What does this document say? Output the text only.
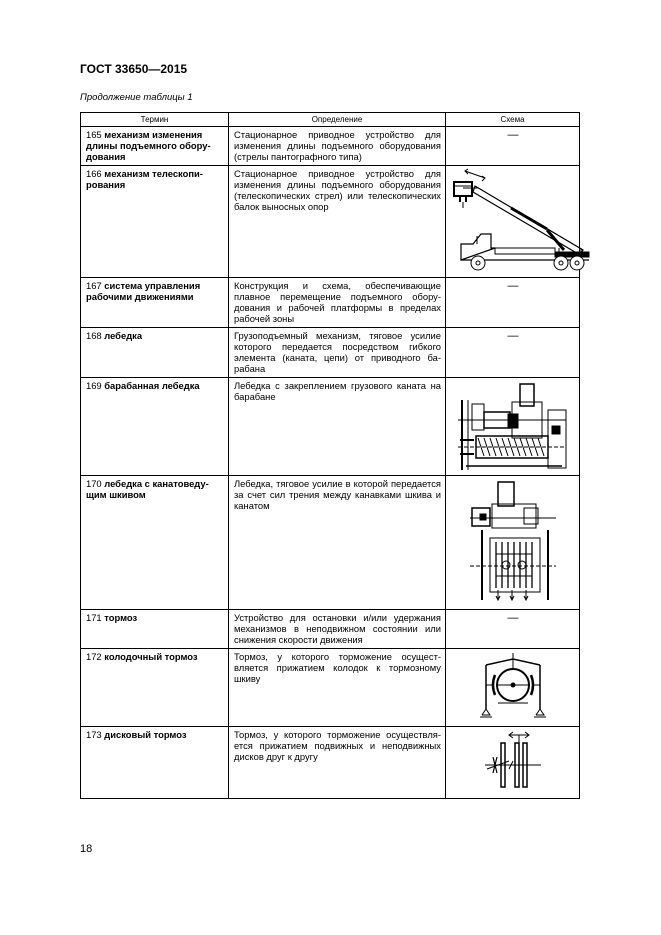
ГОСТ 33650—2015
Продолжение таблицы 1
Термин	Определение	Схема
165 механизм изменения длины подъемного оборудования	Стационарное приводное устройство для изменения длины подъемного оборудования (стрелы пантографного типа)	—
166 механизм телескопирования	Стационарное приводное устройство для изменения длины подъемного оборудования (телескопических стрел) или телескопических балок выносных опор	

167 система управления рабочими движениями	Конструкция и схема, обеспечивающие плавное перемещение подъемного оборудования и рабочей платформы в пределах рабочей зоны	—
168 лебедка	Грузоподъемный механизм, тяговое усилие которого передается посредством гибкого элемента (каната, цепи) от приводного барабана	—
169 барабанная лебедка	Лебедка с закреплением грузового каната на барабане	

170 лебедка с канатоведущим шкивом	Лебедка, тяговое усилие в которой передается за счет сил трения между канавками шкива и канатом	

171 тормоз	Устройство для остановки и/или удержания механизмов в неподвижном состоянии или снижения скорости движения	—
172 колодочный тормоз	Тормоз, у которого торможение осуществляется прижатием колодок к тормозному шкиву	

173 дисковый тормоз	Тормоз, у которого торможение осуществляется прижатием подвижных и неподвижных дисков друг к другу	
18
